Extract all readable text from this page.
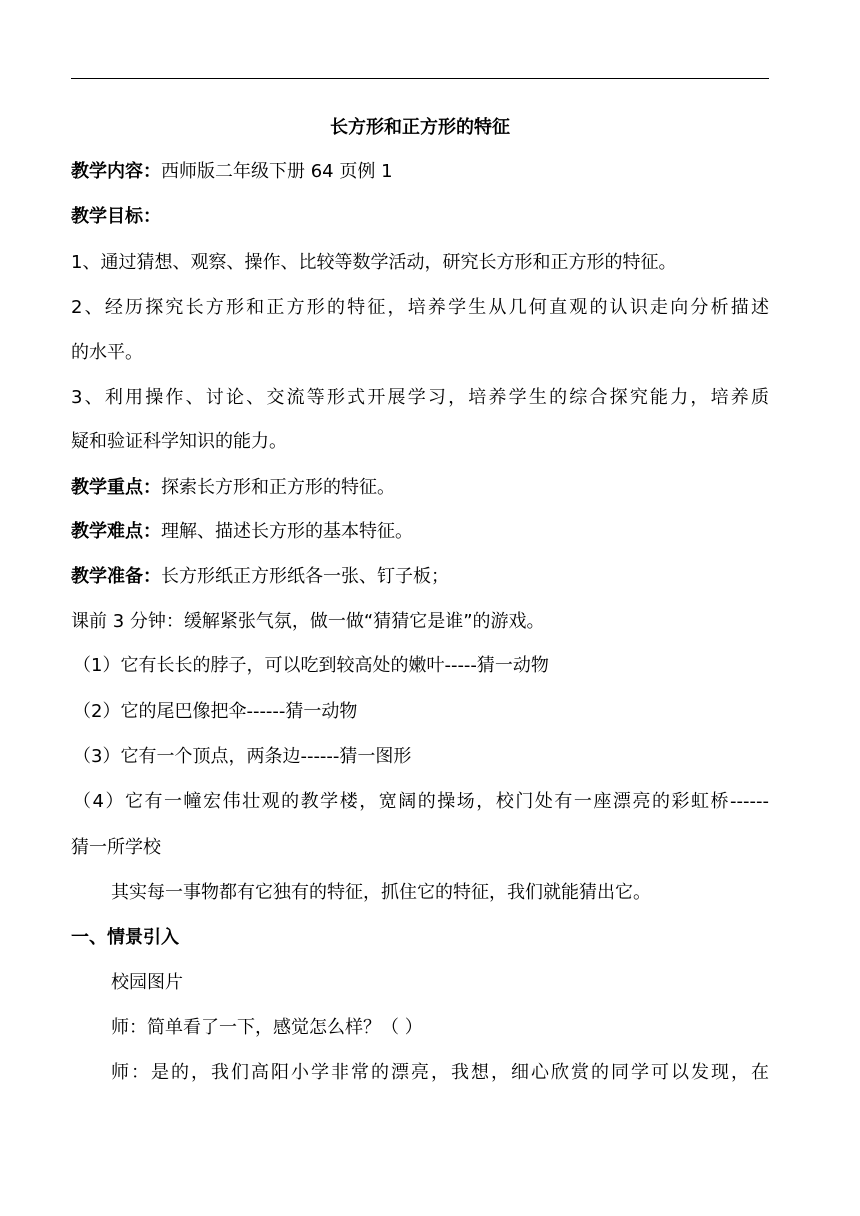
长方形和正方形的特征
教学内容：西师版二年级下册 64 页例 1
教学目标：
1、通过猜想、观察、操作、比较等数学活动，研究长方形和正方形的特征。
2、经历探究长方形和正方形的特征，培养学生从几何直观的认识走向分析描述
的水平。
3、利用操作、讨论、交流等形式开展学习，培养学生的综合探究能力，培养质
疑和验证科学知识的能力。
教学重点：探索长方形和正方形的特征。
教学难点：理解、描述长方形的基本特征。
教学准备：长方形纸正方形纸各一张、钉子板；
课前 3 分钟：缓解紧张气氛，做一做“猜猜它是谁”的游戏。
（1）它有长长的脖子，可以吃到较高处的嫩叶-----猜一动物
（2）它的尾巴像把伞------猜一动物
（3）它有一个顶点，两条边------猜一图形
（4）它有一幢宏伟壮观的教学楼，宽阔的操场，校门处有一座漂亮的彩虹桥------
猜一所学校
其实每一事物都有它独有的特征，抓住它的特征，我们就能猜出它。
一、情景引入
校园图片
师：简单看了一下，感觉怎么样？（ ）
师：是的，我们高阳小学非常的漂亮，我想，细心欣赏的同学可以发现，在
